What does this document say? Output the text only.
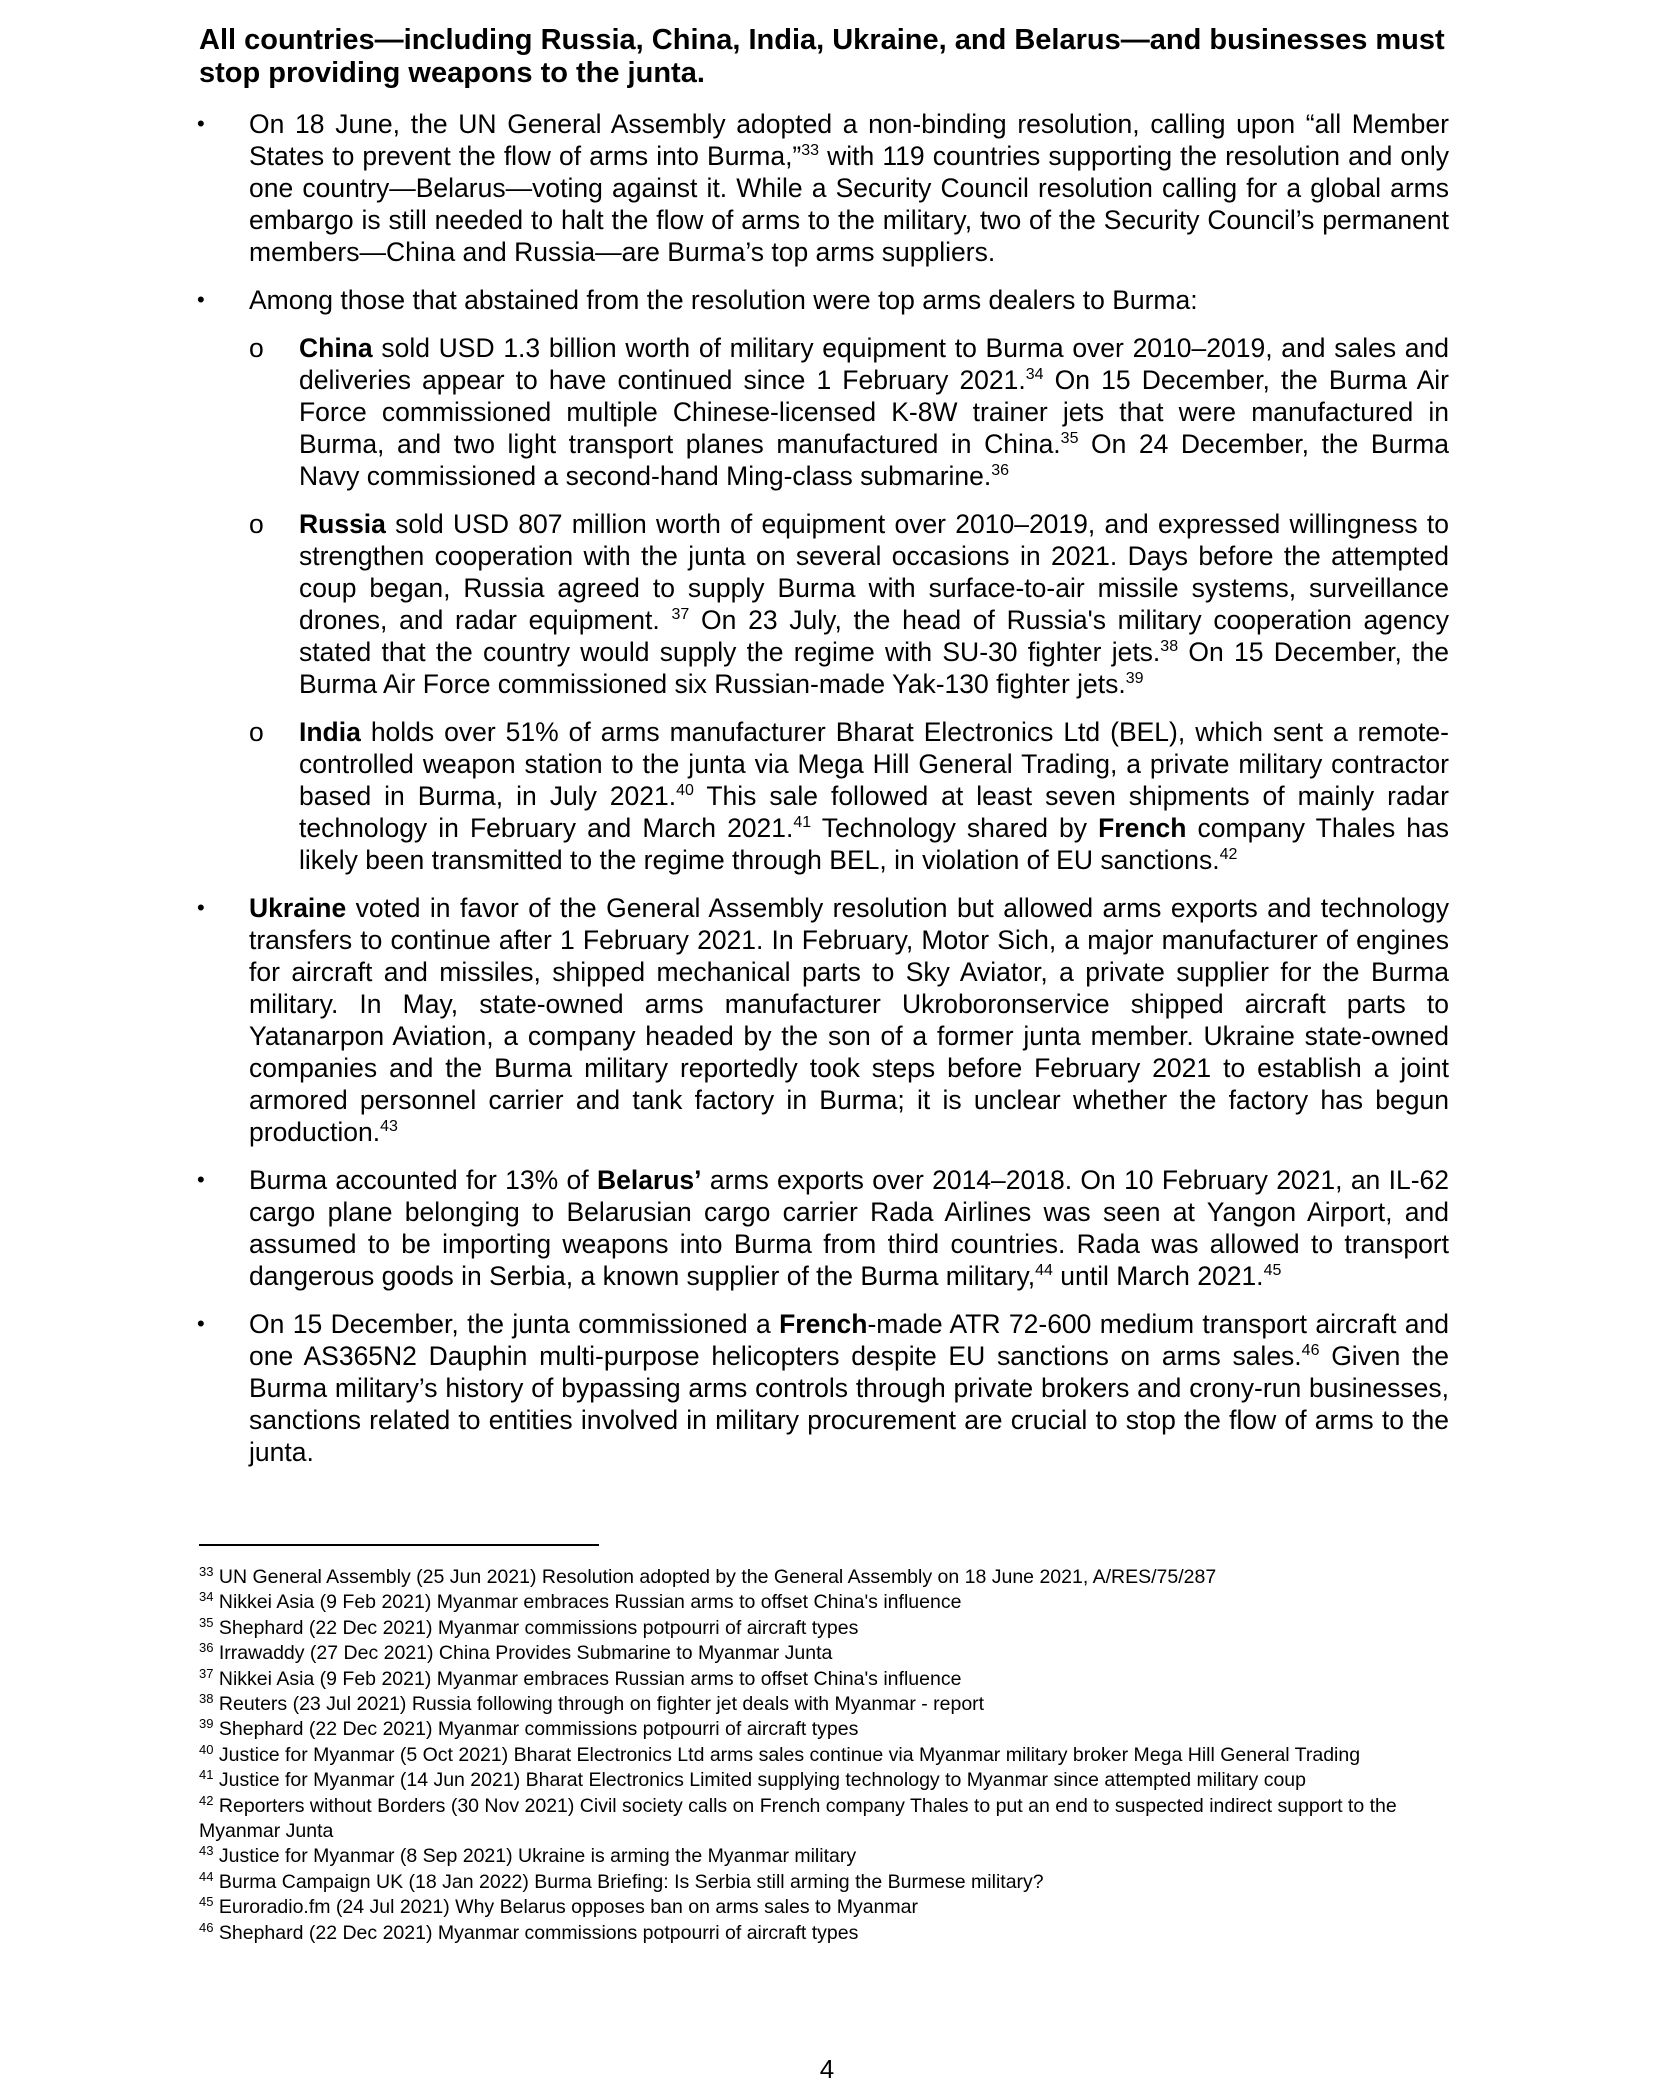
All countries—including Russia, China, India, Ukraine, and Belarus—and businesses must stop providing weapons to the junta.
• On 18 June, the UN General Assembly adopted a non-binding resolution, calling upon “all Member States to prevent the flow of arms into Burma,”$^{33}$ with 119 countries supporting the resolution and only one country—Belarus—voting against it. While a Security Council resolution calling for a global arms embargo is still needed to halt the flow of arms to the military, two of the Security Council’s permanent members—China and Russia—are Burma’s top arms suppliers.
• Among those that abstained from the resolution were top arms dealers to Burma:
o China sold USD 1.3 billion worth of military equipment to Burma over 2010–2019, and sales and deliveries appear to have continued since 1 February 2021.34 On 15 December, the Burma Air Force commissioned multiple Chinese-licensed K-8W trainer jets that were manufactured in Burma, and two light transport planes manufactured in China.$^{35}$ On 24 December, the Burma Navy commissioned a second-hand Ming-class submarine.$^{36}$
o Russia sold USD 807 million worth of equipment over 2010–2019, and expressed willingness to strengthen cooperation with the junta on several occasions in 2021. Days before the attempted coup began, Russia agreed to supply Burma with surface-to-air missile systems, surveillance drones, and radar equipment. $^{37}$ On 23 July, the head of Russia's military cooperation agency stated that the country would supply the regime with SU-30 fighter jets.$^{38}$ On 15 December, the Burma Air Force commissioned six Russian-made Yak-130 fighter jets.$^{39}$
o India holds over 51% of arms manufacturer Bharat Electronics Ltd (BEL), which sent a remote-controlled weapon station to the junta via Mega Hill General Trading, a private military contractor based in Burma, in July 2021.40 This sale followed at least seven shipments of mainly radar technology in February and March 2021.41 Technology shared by French company Thales has likely been transmitted to the regime through BEL, in violation of EU sanctions.$^{42}$
• Ukraine voted in favor of the General Assembly resolution but allowed arms exports and technology transfers to continue after 1 February 2021. In February, Motor Sich, a major manufacturer of engines for aircraft and missiles, shipped mechanical parts to Sky Aviator, a private supplier for the Burma military. In May, state-owned arms manufacturer Ukroboronservice shipped aircraft parts to Yatanarpon Aviation, a company headed by the son of a former junta member. Ukraine state-owned companies and the Burma military reportedly took steps before February 2021 to establish a joint armored personnel carrier and tank factory in Burma; it is unclear whether the factory has begun production.$^{43}$
• Burma accounted for 13% of Belarus’ arms exports over 2014–2018. On 10 February 2021, an IL-62 cargo plane belonging to Belarusian cargo carrier Rada Airlines was seen at Yangon Airport, and assumed to be importing weapons into Burma from third countries. Rada was allowed to transport dangerous goods in Serbia, a known supplier of the Burma military,$^{44}$ until March 2021.45
• On 15 December, the junta commissioned a French-made ATR 72-600 medium transport aircraft and one AS365N2 Dauphin multi-purpose helicopters despite EU sanctions on arms sales.$^{46}$ Given the Burma military’s history of bypassing arms controls through private brokers and crony-run businesses, sanctions related to entities involved in military procurement are crucial to stop the flow of arms to the junta.
$^{33}$ UN General Assembly (25 Jun 2021) Resolution adopted by the General Assembly on 18 June 2021, A/RES/75/287
$^{34}$ Nikkei Asia (9 Feb 2021) Myanmar embraces Russian arms to offset China's influence
$^{35}$ Shephard (22 Dec 2021) Myanmar commissions potpourri of aircraft types
$^{36}$ Irrawaddy (27 Dec 2021) China Provides Submarine to Myanmar Junta
$^{37}$ Nikkei Asia (9 Feb 2021) Myanmar embraces Russian arms to offset China's influence
$^{38}$ Reuters (23 Jul 2021) Russia following through on fighter jet deals with Myanmar - report
$^{39}$ Shephard (22 Dec 2021) Myanmar commissions potpourri of aircraft types
$^{40}$ Justice for Myanmar (5 Oct 2021) Bharat Electronics Ltd arms sales continue via Myanmar military broker Mega Hill General Trading
$^{41}$ Justice for Myanmar (14 Jun 2021) Bharat Electronics Limited supplying technology to Myanmar since attempted military coup
$^{42}$ Reporters without Borders (30 Nov 2021) Civil society calls on French company Thales to put an end to suspected indirect support to the Myanmar Junta
$^{43}$ Justice for Myanmar (8 Sep 2021) Ukraine is arming the Myanmar military
$^{44}$ Burma Campaign UK (18 Jan 2022) Burma Briefing: Is Serbia still arming the Burmese military?
$^{45}$ Euroradio.fm (24 Jul 2021) Why Belarus opposes ban on arms sales to Myanmar
$^{46}$ Shephard (22 Dec 2021) Myanmar commissions potpourri of aircraft types
4
